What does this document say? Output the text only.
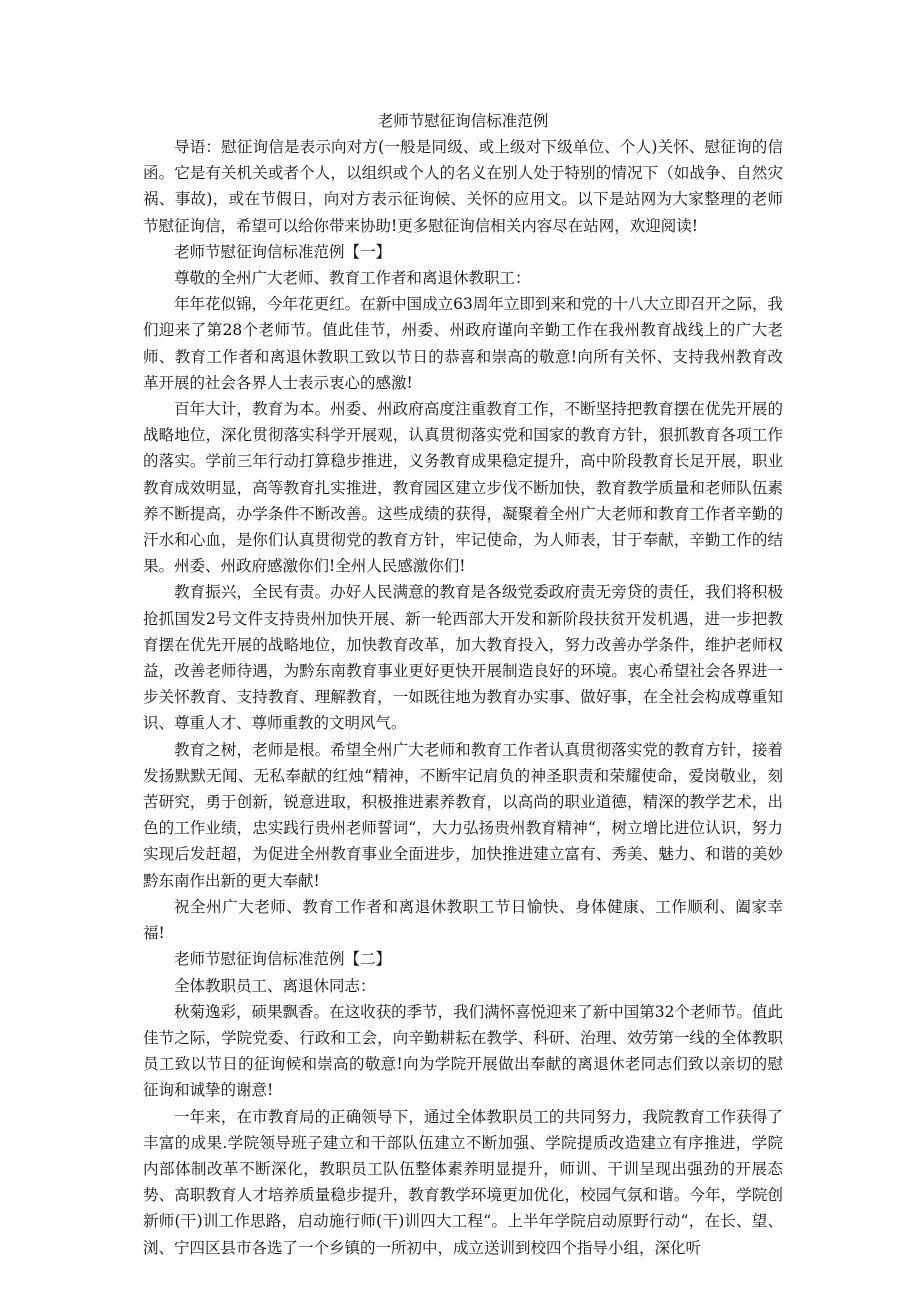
老师节慰征询信标准范例

导语：慰征询信是表示向对方(一般是同级、或上级对下级单位、个人)关怀、慰征询的信函。它是有关机关或者个人，以组织或个人的名义在别人处于特别的情况下（如战争、自然灾祸、事故)，或在节假日，向对方表示征询候、关怀的应用文。以下是站网为大家整理的老师节慰征询信，希望可以给你带来协助!更多慰征询信相关内容尽在站网，欢迎阅读!

老师节慰征询信标准范例【一】

尊敬的全州广大老师、教育工作者和离退休教职工：

年年花似锦，今年花更红。在新中国成立63周年立即到来和党的十八大立即召开之际，我们迎来了第28个老师节。值此佳节，州委、州政府谨向辛勤工作在我州教育战线上的广大老师、教育工作者和离退休教职工致以节日的恭喜和崇高的敬意!向所有关怀、支持我州教育改革开展的社会各界人士表示衷心的感激!

百年大计，教育为本。州委、州政府高度注重教育工作，不断坚持把教育摆在优先开展的战略地位，深化贯彻落实科学开展观，认真贯彻落实党和国家的教育方针，狠抓教育各项工作的落实。学前三年行动打算稳步推进，义务教育成果稳定提升，高中阶段教育长足开展，职业教育成效明显，高等教育扎实推进，教育园区建立步伐不断加快，教育教学质量和老师队伍素养不断提高，办学条件不断改善。这些成绩的获得，凝聚着全州广大老师和教育工作者辛勤的汗水和心血，是你们认真贯彻党的教育方针，牢记使命，为人师表，甘于奉献，辛勤工作的结果。州委、州政府感激你们!全州人民感激你们!

教育振兴，全民有责。办好人民满意的教育是各级党委政府责无旁贷的责任，我们将积极抢抓国发2号文件支持贵州加快开展、新一轮西部大开发和新阶段扶贫开发机遇，进一步把教育摆在优先开展的战略地位，加快教育改革，加大教育投入，努力改善办学条件，维护老师权益，改善老师待遇，为黔东南教育事业更好更快开展制造良好的环境。衷心希望社会各界进一步关怀教育、支持教育、理解教育，一如既往地为教育办实事、做好事，在全社会构成尊重知识、尊重人才、尊师重教的文明风气。

教育之树，老师是根。希望全州广大老师和教育工作者认真贯彻落实党的教育方针，接着发扬默默无闻、无私奉献的红烛“精神，不断牢记肩负的神圣职责和荣耀使命，爱岗敬业，刻苦研究，勇于创新，锐意进取，积极推进素养教育，以高尚的职业道德，精深的教学艺术，出色的工作业绩，忠实践行贵州老师誓词“，大力弘扬贵州教育精神“，树立增比进位认识，努力实现后发赶超，为促进全州教育事业全面进步，加快推进建立富有、秀美、魅力、和谐的美妙黔东南作出新的更大奉献!

祝全州广大老师、教育工作者和离退休教职工节日愉快、身体健康、工作顺利、阖家幸福!

老师节慰征询信标准范例【二】

全体教职员工、离退休同志：

秋菊逸彩，硕果飘香。在这收获的季节，我们满怀喜悦迎来了新中国第32个老师节。值此佳节之际，学院党委、行政和工会，向辛勤耕耘在教学、科研、治理、效劳第一线的全体教职员工致以节日的征询候和崇高的敬意!向为学院开展做出奉献的离退休老同志们致以亲切的慰征询和诚挚的谢意!

一年来，在市教育局的正确领导下，通过全体教职员工的共同努力，我院教育工作获得了丰富的成果.学院领导班子建立和干部队伍建立不断加强、学院提质改造建立有序推进，学院内部体制改革不断深化，教职员工队伍整体素养明显提升，师训、干训呈现出强劲的开展态势、高职教育人才培养质量稳步提升，教育教学环境更加优化，校园气氛和谐。今年，学院创新师(干)训工作思路，启动施行师(干)训四大工程“。上半年学院启动原野行动“，在长、望、浏、宁四区县市各选了一个乡镇的一所初中，成立送训到校四个指导小组，深化听
